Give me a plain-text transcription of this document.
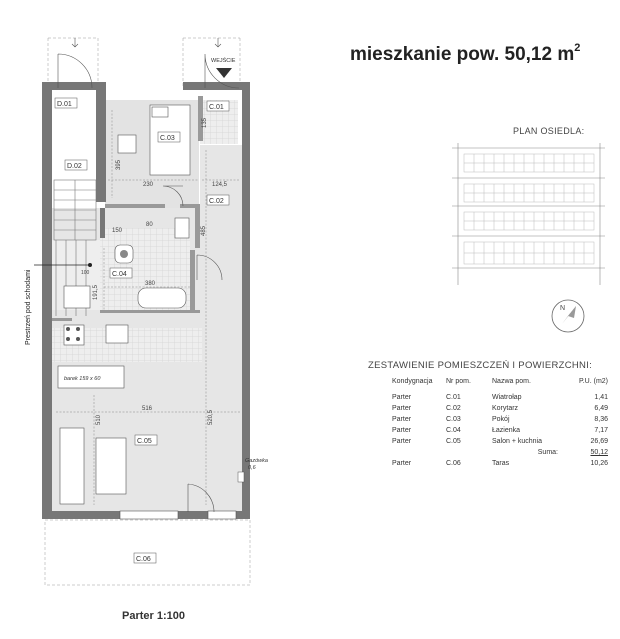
mieszkanie pow. 50,12 $m^2$
PLAN OSIEDLA:
N
ZESTAWIENIE POMIESZCZEŃ I POWIERZCHNI:
Kondygnacja	Nr pom.	Nazwa pom.	P.U. (m2)
Parter	C.01	Wiatrołap	1,41
Parter	C.02	Korytarz	6,49
Parter	C.03	Pokój	8,36
Parter	C.04	Łazienka	7,17
Parter	C.05	Salon + kuchnia	26,69
		Suma:	50,12
Parter	C.06	Taras	10,26
D.01
D.02
C.01
C.02
C.03
C.04
C.05
C.06
barek 159 x 60
WEJŚCIE
Gazówka
0,6
230	124,5
380
516
80
150
100
395
135
485
191,5
510	520,5
Prestrzeń pod schodami
Parter 1:100
